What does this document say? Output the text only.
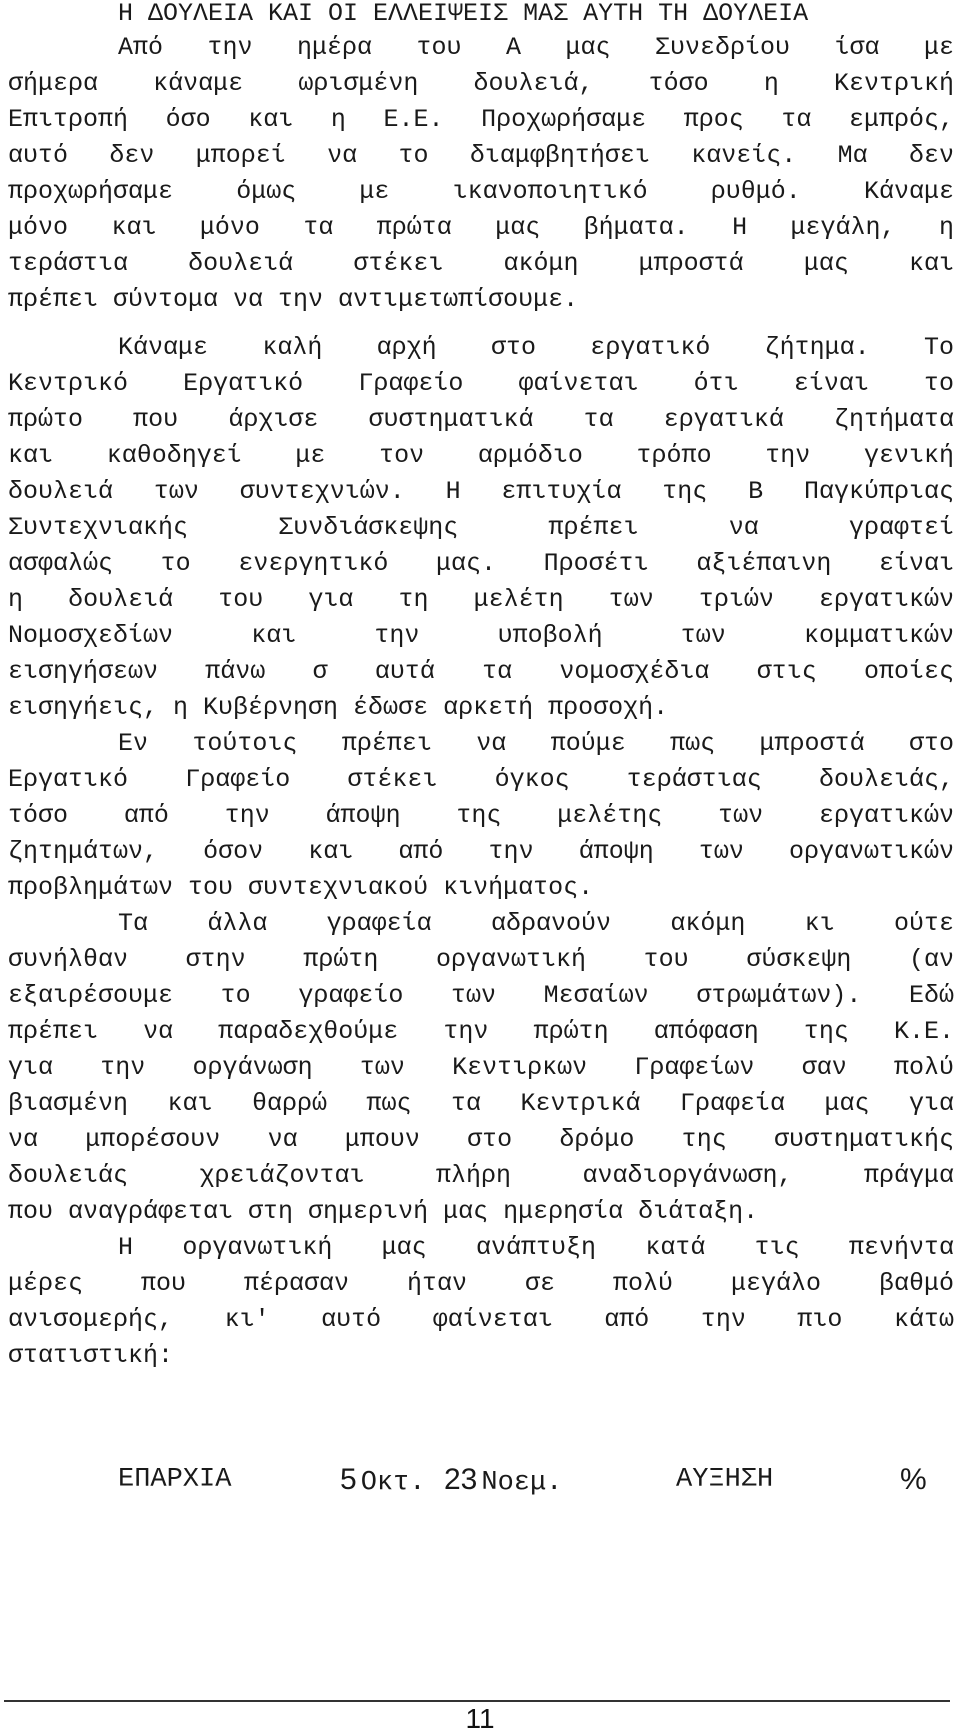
Η ΔΟΥΛΕΙΑ ΚΑΙ ΟΙ ΕΛΛΕΙΨΕΙΣ ΜΑΣ ΑΥΤΗ ΤΗ ΔΟΥΛΕΙΑ
Από την ημέρα του Α μας Συνεδρίου ίσα με
σήμερα κάναμε ωρισμένη δουλειά, τόσο η Κεντρική
Επιτροπή όσο και η Ε.Ε. Προχωρήσαμε προς τα εμπρός,
αυτό δεν μπορεί να το διαμφβητήσει κανείς. Μα δεν
προχωρήσαμε όμως με ικανοποιητικό ρυθμό. Κάναμε
μόνο και μόνο τα πρώτα μας βήματα. Η μεγάλη, η
τεράστια δουλειά στέκει ακόμη μπροστά μας και
πρέπει σύντομα να την αντιμετωπίσουμε.
Κάναμε καλή αρχή στο εργατικό ζήτημα. Το
Κεντρικό Εργατικό Γραφείο φαίνεται ότι είναι το
πρώτο που άρχισε συστηματικά τα εργατικά ζητήματα
και καθοδηγεί με τον αρμόδιο τρόπο την γενική
δουλειά των συντεχνιών. Η επιτυχία της Β Παγκύπριας
Συντεχνιακής Συνδιάσκεψης πρέπει να γραφτεί
ασφαλώς το ενεργητικό μας. Προσέτι αξιέπαινη είναι
η δουλειά του για τη μελέτη των τριών εργατικών
Νομοσχεδίων και την υποβολή των κομματικών
εισηγήσεων πάνω σ αυτά τα νομοσχέδια στις οποίες
εισηγήεις, η Κυβέρνηση έδωσε αρκετή προσοχή.
Εν τούτοις πρέπει να πούμε πως μπροστά στο
Εργατικό Γραφείο στέκει όγκος τεράστιας δουλειάς,
τόσο από την άποψη της μελέτης των εργατικών
ζητημάτων, όσον και από την άποψη των οργανωτικών
προβλημάτων του συντεχνιακού κινήματος.
Τα άλλα γραφεία αδρανούν ακόμη κι ούτε
συνήλθαν στην πρώτη οργανωτική του σύσκεψη (αν
εξαιρέσουμε το γραφείο των Μεσαίων στρωμάτων). Εδώ
πρέπει να παραδεχθούμε την πρώτη απόφαση της Κ.Ε.
για την οργάνωση των Κεντιρκων Γραφείων σαν πολύ
βιασμένη και θαρρώ πως τα Κεντρικά Γραφεία μας για
να μπορέσουν να μπουν στο δρόμο της συστηματικής
δουλειάς χρειάζονται πλήρη αναδιοργάνωση, πράγμα
που αναγράφεται στη σημερινή μας ημερησία διάταξη.
Η οργανωτική μας ανάπτυξη κατά τις πενήντα
μέρες που πέρασαν ήταν σε πολύ μεγάλο βαθμό
ανισομερής, κι' αυτό φαίνεται από την πιο κάτω
στατιστική:
ΕΠΑΡΧΙΑ	5 Οκτ. 23 Νοεμ.	ΑΥΞΗΣΗ	%
11
